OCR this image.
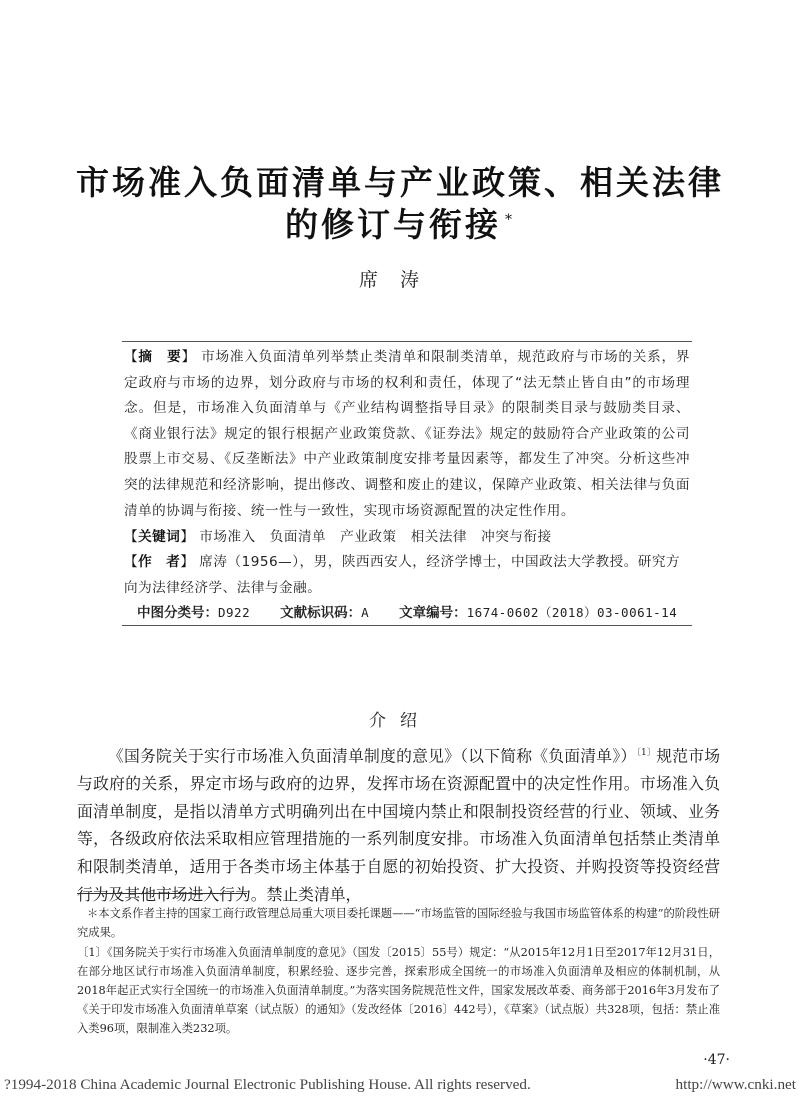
市场准入负面清单与产业政策、相关法律
的修订与衔接 *
席涛
【摘　要】 市场准入负面清单列举禁止类清单和限制类清单，规范政府与市场的关系，界定政府与市场的边界，划分政府与市场的权利和责任，体现了“法无禁止皆自由”的市场理念。但是，市场准入负面清单与《产业结构调整指导目录》的限制类目录与鼓励类目录、《商业银行法》规定的银行根据产业政策贷款、《证券法》规定的鼓励符合产业政策的公司股票上市交易、《反垄断法》中产业政策制度安排考量因素等，都发生了冲突。分析这些冲突的法律规范和经济影响，提出修改、调整和废止的建议，保障产业政策、相关法律与负面清单的协调与衔接、统一性与一致性，实现市场资源配置的决定性作用。
【关键词】 市场准入　负面清单　产业政策　相关法律　冲突与衔接
【作　者】 席涛（1956—），男，陕西西安人，经济学博士，中国政法大学教授。研究方向为法律经济学、法律与金融。
中图分类号：D922 文献标识码：A 文章编号：1674-0602（2018）03-0061-14
介绍

《国务院关于实行市场准入负面清单制度的意见》（以下简称《负面清单》）$^{〔1〕}$规范市场与政府的关系，界定市场与政府的边界，发挥市场在资源配置中的决定性作用。市场准入负面清单制度，是指以清单方式明确列出在中国境内禁止和限制投资经营的行业、领域、业务等，各级政府依法采取相应管理措施的一系列制度安排。市场准入负面清单包括禁止类清单和限制类清单，适用于各类市场主体基于自愿的初始投资、扩大投资、并购投资等投资经营行为及其他市场进入行为。禁止类清单，

＊本文系作者主持的国家工商行政管理总局重大项目委托课题——“市场监管的国际经验与我国市场监管体系的构建”的阶段性研究成果。

〔1〕《国务院关于实行市场准入负面清单制度的意见》（国发〔2015〕55号）规定：“从2015年12月1日至2017年12月31日，在部分地区试行市场准入负面清单制度，积累经验、逐步完善，探索形成全国统一的市场准入负面清单及相应的体制机制，从2018年起正式实行全国统一的市场准入负面清单制度。”为落实国务院规范性文件，国家发展改革委、商务部于2016年3月发布了《关于印发市场准入负面清单草案（试点版）的通知》（发改经体〔2016〕442号），《草案》（试点版）共328项，包括：禁止准入类96项，限制准入类232项。

·47·
?1994-2018 China Academic Journal Electronic Publishing House. All rights reserved.	http://www.cnki.net
